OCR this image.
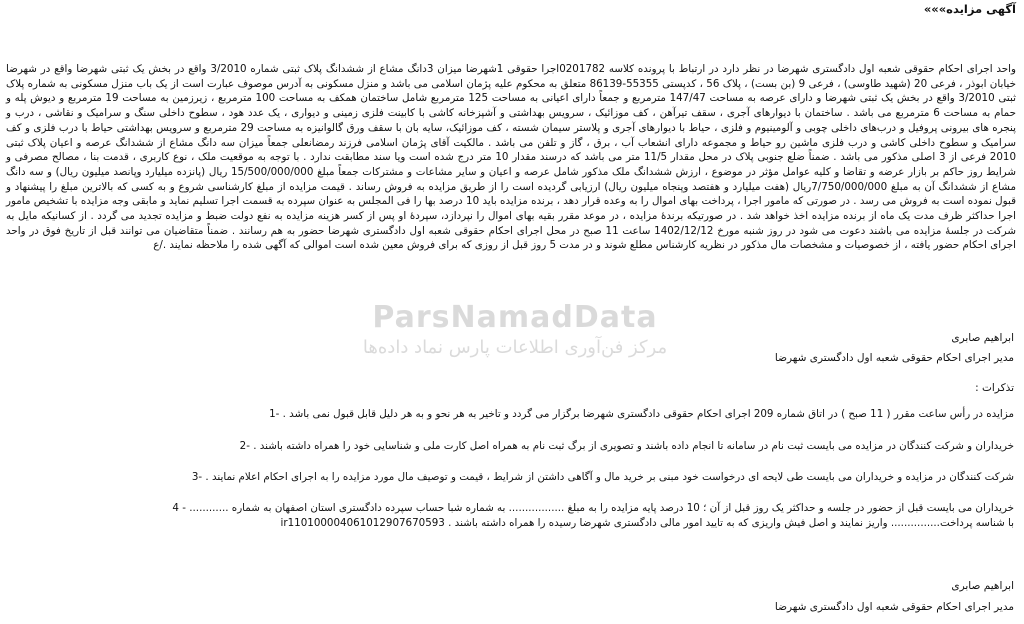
آگهی مزایده»»»
واحد اجرای احکام حقوقی شعبه اول دادگستری شهرضا در نظر دارد در ارتباط با پرونده کلاسه 0201782اجرا حقوقی 1شهرضا میزان 3دانگ مشاع از ششدانگ پلاک ثبتی شماره 3/2010 واقع در بخش یک ثبتی شهرضا واقع در شهرضا خیابان ابوذر ، فرعی 20 (شهید طاوسی) ، فرعی 9 (بن بست) ، پلاک 56 ، کدپستی 55355-86139 متعلق به محکوم علیه پژمان اسلامی می باشد و منزل مسکونی به آدرس موصوف عبارت است از یک باب منزل مسکونی به شماره پلاک ثبتی 3/2010 واقع در بخش یک ثبتی شهرضا و دارای عرصه به مساحت 147/47 مترمربع و جمعاً دارای اعیانی به مساحت 125 مترمربع شامل ساختمان همکف به مساحت 100 مترمربع ، زیرزمین به مساحت 19 مترمربع و دیوش پله و حمام به مساحت 6 مترمربع می باشد . ساختمان با دیوارهای آجری ، سقف تیرآهن ، کف موزائیک ، سرویس بهداشتی و آشپزخانه کاشی با کابینت فلزی زمینی و دیواری ، یک عدد هود ، سطوح داخلی سنگ و سرامیک و نقاشی ، درب و پنجره های بیرونی پروفیل و درب‌های داخلی چوبی و آلومینیوم و فلزی ، حیاط با دیوارهای آجری و پلاستر سیمان شسته ، کف موزائیک، سایه بان با سقف ورق گالوانیزه به مساحت 29 مترمربع و سرویس بهداشتی حیاط با درب فلزی و کف سرامیک و سطوح داخلی کاشی و درب فلزی ماشین رو حیاط و مجموعه دارای انشعاب آب ، برق ، گاز و تلفن می باشد . مالکیت آقای پژمان اسلامی فرزند رمضانعلی جمعاً میزان سه دانگ مشاع از ششدانگ عرصه و اعیان پلاک ثبتی 2010 فرعی از 3 اصلی مذکور می باشد . ضمناً ضلع جنوبی پلاک در محل مقدار 11/5 متر می باشد که درسند مقدار 10 متر درج شده است ویا سند مطابقت ندارد . با توجه به موقعیت ملک ، نوع کاربری ، قدمت بنا ، مصالح مصرفی و شرایط روز حاکم بر بازار عرضه و تقاضا و کلیه عوامل مؤثر در موضوع ، ارزش ششدانگ ملک مذکور شامل عرصه و اعیان و سایر مشاعات و مشترکات جمعاً مبلغ 15/500/000/000 ریال (پانزده میلیارد وپانصد میلیون ریال) و سه دانگ مشاع از ششدانگ آن به مبلغ 7/750/000/000ریال (هفت میلیارد و هفتصد وپنجاه میلیون ریال) ارزیابی گردیده است را از طریق مزایده به فروش رساند . قیمت مزایده از مبلغ کارشناسی شروع و به کسی که بالاترین مبلغ را پیشنهاد و قبول نموده است به فروش می رسد . در صورتی که مامور اجرا ، پرداخت بهای اموال را به وعده قرار دهد ، برنده مزایده باید 10 درصد بها را فی المجلس به عنوان سپرده به قسمت اجرا تسلیم نماید و مابقی وجه مزایده با تشخیص مامور اجرا حداکثر ظرف مدت یک ماه از برنده مزایده اخذ خواهد شد . در صورتیکه برندۀ مزایده ، در موعد مقرر بقیه بهای اموال را نپردازد، سپردۀ او پس از کسر هزینه مزایده به نفع دولت ضبط و مزایده تجدید می گردد . از کسانیکه مایل به شرکت در جلسۀ مزایده می باشند دعوت می شود در روز شنبه مورخ 1402/12/12 ساعت 11 صبح در محل اجرای احکام حقوقی شعبه اول دادگستری شهرضا حضور به هم رسانند . ضمناً متقاضیان می توانند قبل از تاریخ فوق در واحد اجرای احکام حضور یافته ، از خصوصیات و مشخصات مال مذکور در نظریه کارشناس مطلع شوند و در مدت 5 روز قبل از روزی که برای فروش معین شده است اموالی که آگهی شده را ملاحظه نمایند ./ع
ParsNamadData
مرکز فن‌آوری اطلاعات پارس نماد داده‌ها	ابراهیم صابری
مدیر اجرای احکام حقوقی شعبه اول دادگستری شهرضا
تذکرات :
مزایده در رأس ساعت مقرر ( 11 صبح ) در اتاق شماره 209 اجرای احکام حقوقی دادگستری شهرضا برگزار می گردد و تاخیر به هر نحو و به هر دلیل قابل قبول نمی باشد . -1
خریداران و شرکت کنندگان در مزایده می بایست ثبت نام در سامانه تا انجام داده باشند و تصویری از برگ ثبت نام به همراه اصل کارت ملی و شناسایی خود را همراه داشته باشند . -2
شرکت کنندگان در مزایده و خریداران می بایست طی لایحه ای درخواست خود مبنی بر خرید مال و آگاهی داشتن از شرایط ، قیمت و توصیف مال مورد مزایده را به اجرای احکام اعلام نمایند . -3
خریداران می بایست قبل از حضور در جلسه و حداکثر یک روز قبل از آن ؛ 10 درصد پایه مزایده را به مبلغ ................. به شماره شبا حساب سپرده دادگستری استان اصفهان به شماره ............ - 4
با شناسه پرداخت............... واریز نمایند و اصل فیش واریزی که به تایید امور مالی دادگستری شهرضا رسیده را همراه داشته باشند . ir110100004061012907670593
ابراهیم صابری
مدیر اجرای احکام حقوقی شعبه اول دادگستری شهرضا
